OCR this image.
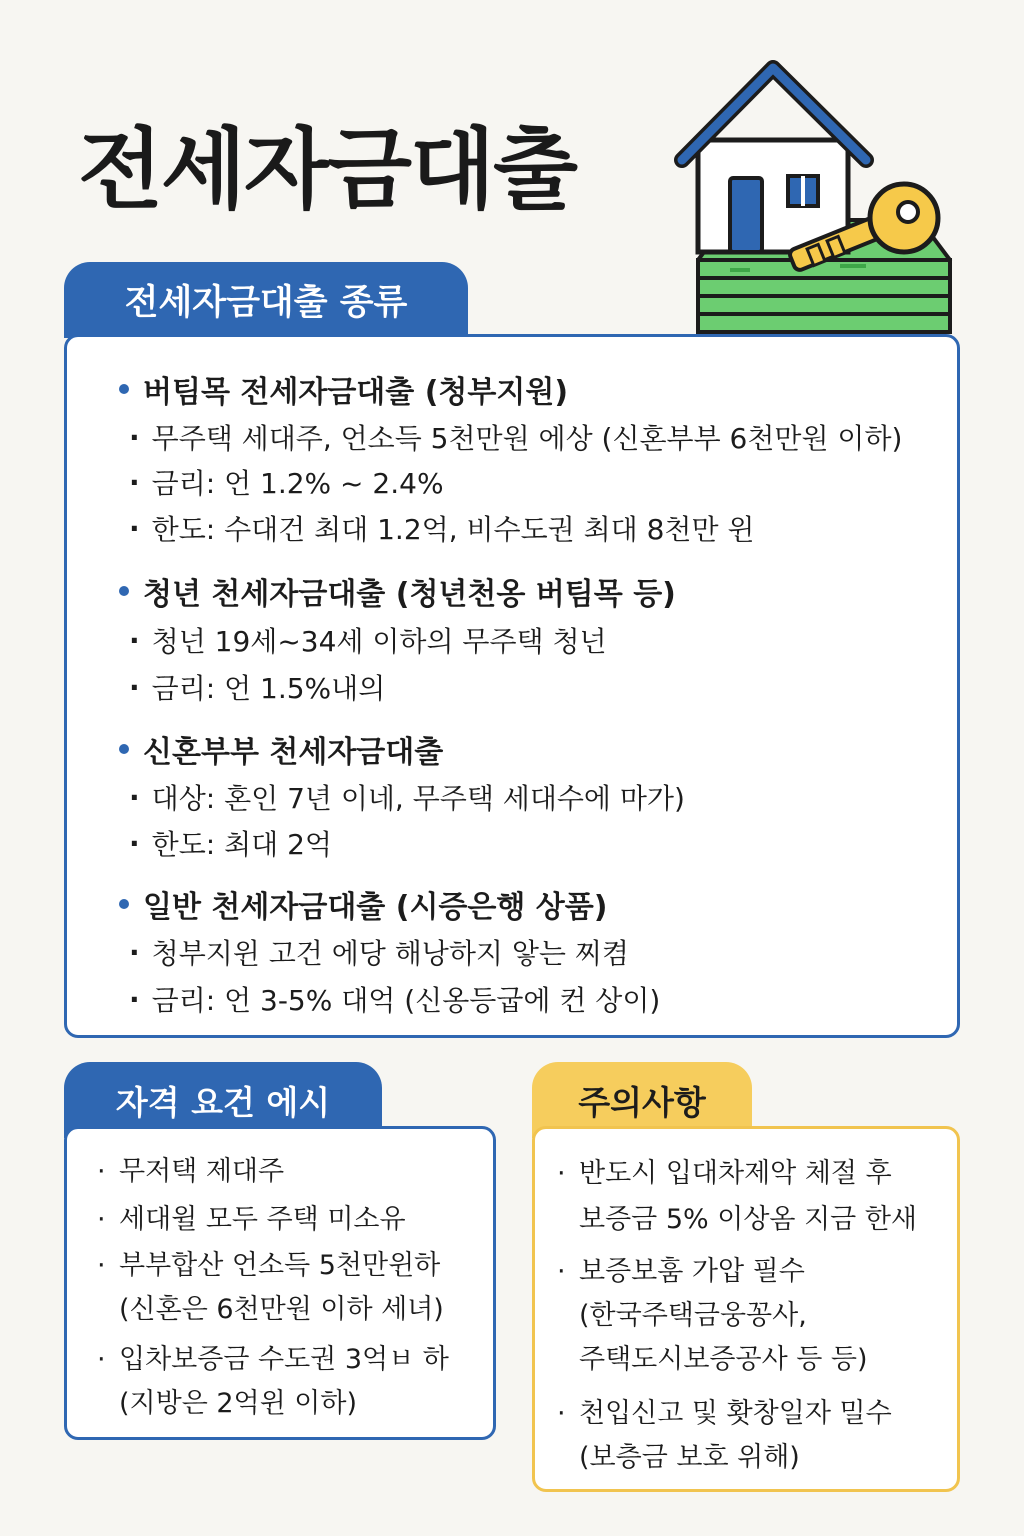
전세자금대출
전세자금대출 종류
버팀목 전세자금대출 (청부지원)
· 무주택 세대주, 언소득 5천만원 에상 (신혼부부 6천만원 이하)
· 금리: 언 1.2% ~ 2.4%
· 한도: 수대건 최대 1.2억, 비수도권 최대 8천만 윈
청년 천세자금대출 (청년천옹 버팀목 등)
· 청넌 19세~34세 이하의 무주택 청넌
· 금리: 언 1.5%내의
신혼부부 천세자금대출
· 대상: 혼인 7년 이네, 무주택 세대수에 마가)
· 한도: 최대 2억
일반 천세자금대출 (시증은행 상품)
· 청부지윈 고건 에당 해낭하지 앟는 찌켬
· 금리: 언 3-5% 대억 (신옹등굽에 컨 상이)
자격 요건 에시
· 무저택 제대주
· 세대윌 모두 주택 미소유
· 부부합산 언소득 5천만윈하
(신혼은 6천만원 이하 세녀)
· 입차보증금 수도권 3억ㅂ 하
(지방은 2억윈 이하)
주의사항
· 반도시 입대차제악 체절 후
보증금 5% 이상옴 지금 한새
· 보증보훔 가압 필수
(한국주택금웅꽁사,
주택도시보증공사 등 등)
· 천입신고 및 홧창일자 밀수
(보층금 보호 위해)
